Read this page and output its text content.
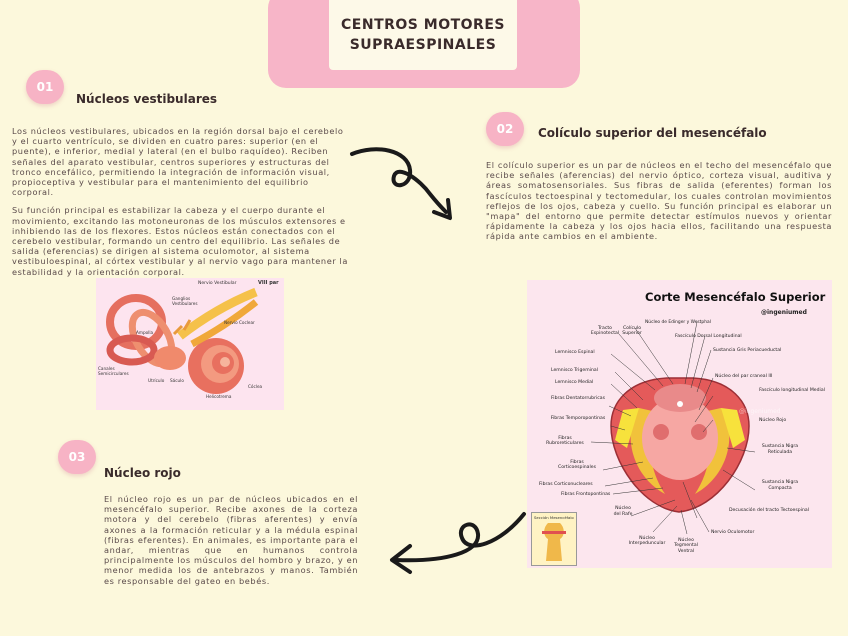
CENTROS MOTORES
SUPRAESPINALES
01
Núcleos vestibulares

Los núcleos vestibulares, ubicados en la región dorsal bajo el cerebelo y el cuarto ventrículo, se dividen en cuatro pares: superior (en el puente), e inferior, medial y lateral (en el bulbo raquídeo). Reciben señales del aparato vestibular, centros superiores y estructuras del tronco encefálico, permitiendo la integración de información visual, propioceptiva y vestibular para el mantenimiento del equilibrio corporal.

Su función principal es estabilizar la cabeza y el cuerpo durante el movimiento, excitando las motoneuronas de los músculos extensores e inhibiendo las de los flexores. Estos núcleos están conectados con el cerebelo vestibular, formando un centro del equilibrio. Las señales de salida (eferencias) se dirigen al sistema oculomotor, al sistema vestibuloespinal, al córtex vestibular y al nervio vago para mantener la estabilidad y la orientación corporal.

Nervio Vestibular	VIII par
Ganglios Vestibulares
Nervio Coclear
Canales Semicirculares
Utrículo Sáculo
Cóclea
Helicotrema
Ampolla
02 Colículo superior del mesencéfalo

El colículo superior es un par de núcleos en el techo del mesencéfalo que recibe señales (aferencias) del nervio óptico, corteza visual, auditiva y áreas somatosensoriales. Sus fibras de salida (eferentes) forman los fascículos tectoespinal y tectomedular, los cuales controlan movimientos reflejos de los ojos, cabeza y cuello. Su función principal es elaborar un "mapa" del entorno que permite detectar estímulos nuevos y orientar rápidamente la cabeza y los ojos hacia ellos, facilitando una respuesta rápida ante cambios en el ambiente.

Corte Mesencéfalo Superior
@ingeniumed
Tracto Espinotectal
Lemnisco Espinal
Lemnisco Trigeminal
Lemnisco Medial
Fibras Dentatorrubricas
Fibras Temporopontinas
Fibras Rubroreticulares
Fibras Corticoespinales
Fibras Corticonucleares
Fibras Frontopontinas
Colículo Superior
Núcleo de Edinger y Westphal
Fascículo Dorsal Longitudinal
Sustancia Gris Periacueductal
Núcleo del par craneal III
Fascículo longitudinal Medial
Núcleo Rojo
Sustancia Nigra Reticulada
Sustancia Nigra Compacta
Decusación del tracto Tectoespinal
Nervio Oculomotor
Núcleo del Rafe
Núcleo Interpeduncular
Núcleo Tegmental Ventral
@ingeniumed
Sección Mesencéfalo
03
Núcleo rojo

El núcleo rojo es un par de núcleos ubicados en el mesencéfalo superior. Recibe axones de la corteza motora y del cerebelo (fibras aferentes) y envía axones a la formación reticular y a la médula espinal (fibras eferentes). En animales, es importante para el andar, mientras que en humanos controla principalmente los músculos del hombro y brazo, y en menor medida los de antebrazos y manos. También es responsable del gateo en bebés.
